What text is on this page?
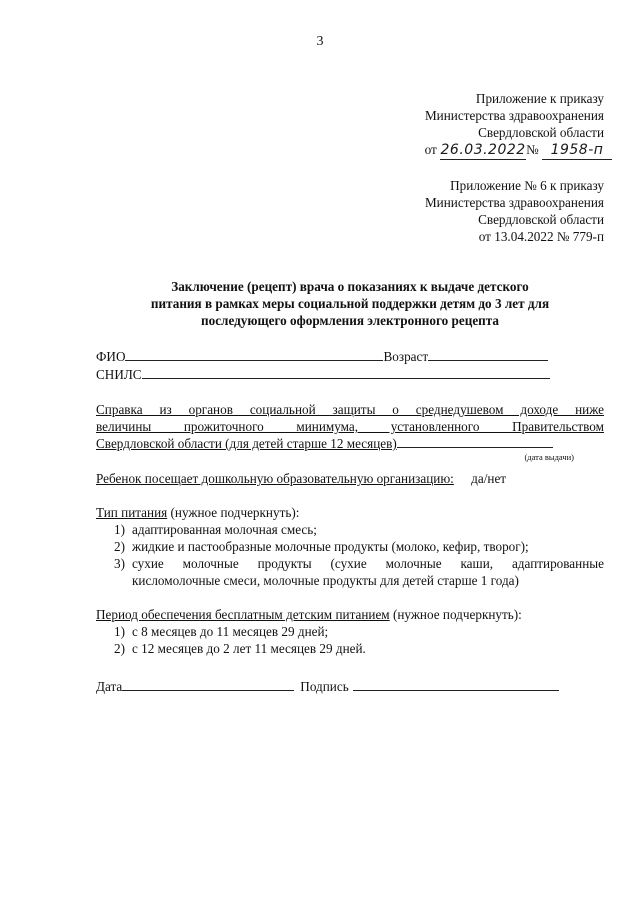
3
Приложение к приказу
Министерства здравоохранения
Свердловской области
от 26.03.2022№ 1958-п
Приложение № 6 к приказу
Министерства здравоохранения
Свердловской области
от 13.04.2022 № 779-п
Заключение (рецепт) врача о показаниях к выдаче детского
питания в рамках меры социальной поддержки детям до 3 лет для
последующего оформления электронного рецепта
ФИО	Возраст
СНИЛС
Справка из органов социальной защиты о среднедушевом доходе ниже
величины прожиточного минимума, установленного Правительством
Свердловской области (для детей старше 12 месяцев)
(дата выдачи)
Ребенок посещает дошкольную образовательную организацию: да/нет
Тип питания (нужное подчеркнуть):
1) адаптированная молочная смесь;
2) жидкие и пастообразные молочные продукты (молоко, кефир, творог);
3) сухие молочные продукты (сухие молочные каши, адаптированные
кисломолочные смеси, молочные продукты для детей старше 1 года)
Период обеспечения бесплатным детским питанием (нужное подчеркнуть):
1) с 8 месяцев до 11 месяцев 29 дней;
2) с 12 месяцев до 2 лет 11 месяцев 29 дней.
Дата	Подпись
